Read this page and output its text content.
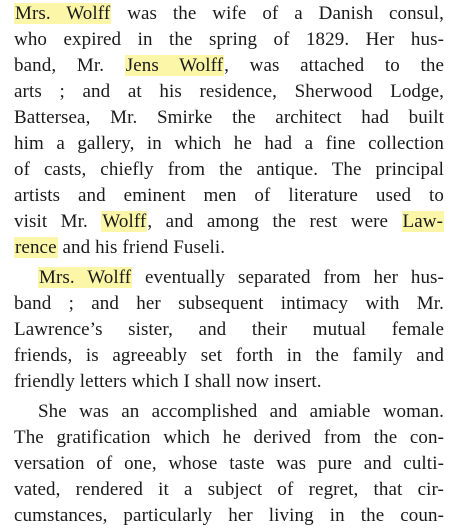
Mrs. Wolff was the wife of a Danish consul,
who expired in the spring of 1829. Her hus-
band, Mr. Jens Wolff, was attached to the
arts ; and at his residence, Sherwood Lodge,
Battersea, Mr. Smirke the architect had built
him a gallery, in which he had a fine collection
of casts, chiefly from the antique. The principal
artists and eminent men of literature used to
visit Mr. Wolff, and among the rest were Law-
rence and his friend Fuseli.
Mrs. Wolff eventually separated from her hus-
band ; and her subsequent intimacy with Mr.
Lawrence’s sister, and their mutual female
friends, is agreeably set forth in the family and
friendly letters which I shall now insert.
She was an accomplished and amiable woman.
The gratification which he derived from the con-
versation of one, whose taste was pure and culti-
vated, rendered it a subject of regret, that cir-
cumstances, particularly her living in the coun-
